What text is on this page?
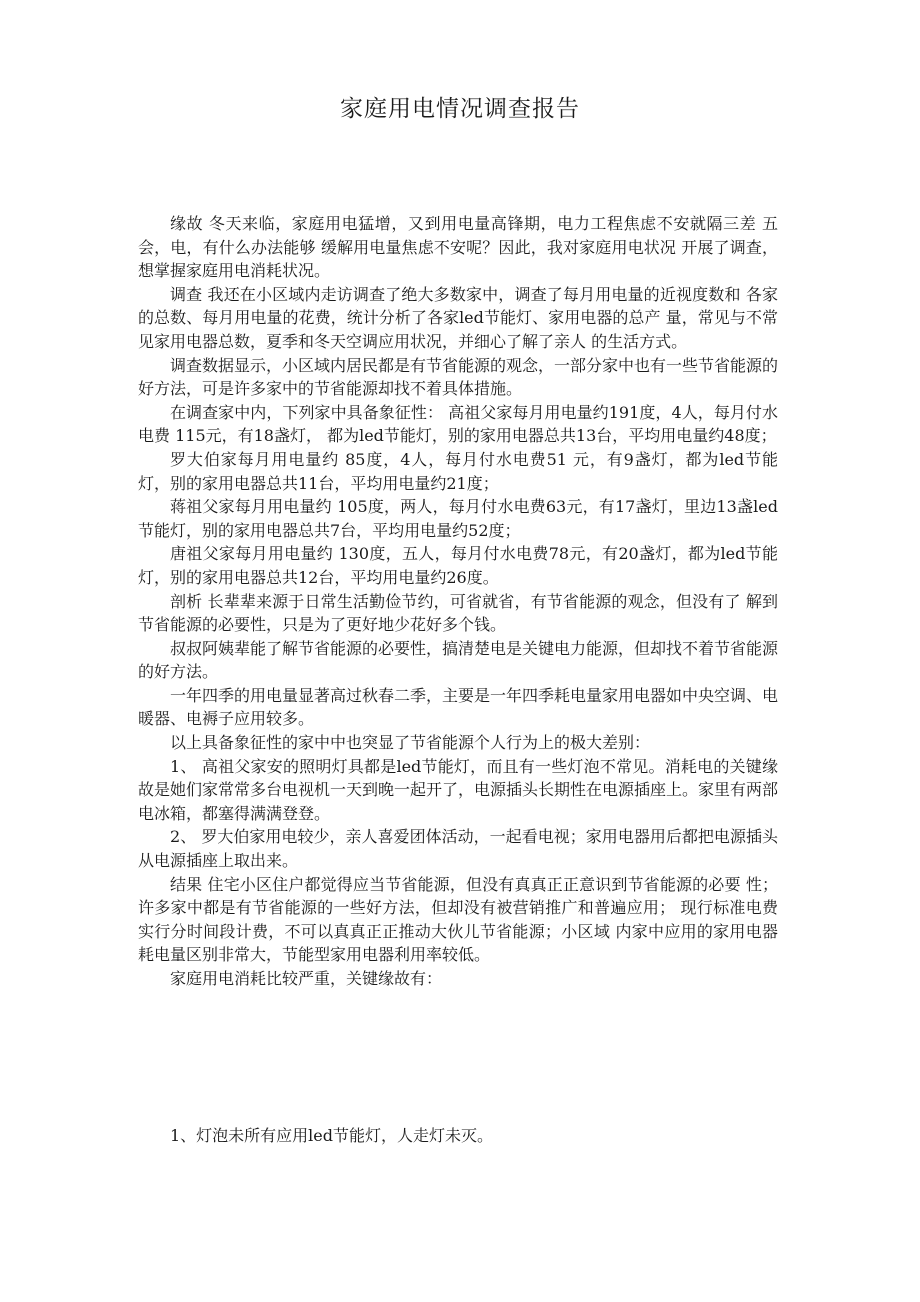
家庭用电情况调查报告

缘故 冬天来临，家庭用电猛增，又到用电量高锋期，电力工程焦虑不安就隔三差 五会，电，有什么办法能够 缓解用电量焦虑不安呢？因此，我对家庭用电状况 开展了调查，想掌握家庭用电消耗状况。

调查 我还在小区域内走访调查了绝大多数家中，调查了每月用电量的近视度数和 各家的总数、每月用电量的花费，统计分析了各家led节能灯、家用电器的总产 量，常见与不常见家用电器总数，夏季和冬天空调应用状况，并细心了解了亲人 的生活方式。

调查数据显示，小区域内居民都是有节省能源的观念，一部分家中也有一些节省能源的好方法，可是许多家中的节省能源却找不着具体措施。

在调查家中内，下列家中具备象征性： 高祖父家每月用电量约191度，4人，每月付水电费 115元，有18盏灯， 都为led节能灯，别的家用电器总共13台，平均用电量约48度；

罗大伯家每月用电量约 85度，4人，每月付水电费51 元，有9盏灯，都为led节能灯，别的家用电器总共11台，平均用电量约21度；

蒋祖父家每月用电量约 105度，两人，每月付水电费63元，有17盏灯，里边13盏led节能灯，别的家用电器总共7台，平均用电量约52度；

唐祖父家每月用电量约 130度，五人，每月付水电费78元，有20盏灯，都为led节能灯，别的家用电器总共12台，平均用电量约26度。

剖析 长辈辈来源于日常生活勤俭节约，可省就省，有节省能源的观念，但没有了 解到节省能源的必要性，只是为了更好地少花好多个钱。

叔叔阿姨辈能了解节省能源的必要性，搞清楚电是关键电力能源，但却找不着节省能源的好方法。

一年四季的用电量显著高过秋春二季，主要是一年四季耗电量家用电器如中央空调、电暖器、电褥子应用较多。

以上具备象征性的家中中也突显了节省能源个人行为上的极大差别：

1、 高祖父家安的照明灯具都是led节能灯，而且有一些灯泡不常见。消耗电的关键缘故是她们家常常多台电视机一天到晚一起开了，电源插头长期性在电源插座上。家里有两部电冰箱，都塞得满满登登。

2、 罗大伯家用电较少，亲人喜爱团体活动，一起看电视；家用电器用后都把电源插头从电源插座上取出来。

结果 住宅小区住户都觉得应当节省能源，但没有真真正正意识到节省能源的必要 性；许多家中都是有节省能源的一些好方法，但却没有被营销推广和普遍应用； 现行标准电费实行分时间段计费，不可以真真正正推动大伙儿节省能源；小区域 内家中应用的家用电器耗电量区别非常大，节能型家用电器利用率较低。

家庭用电消耗比较严重，关键缘故有：

1、灯泡未所有应用led节能灯，人走灯未灭。
